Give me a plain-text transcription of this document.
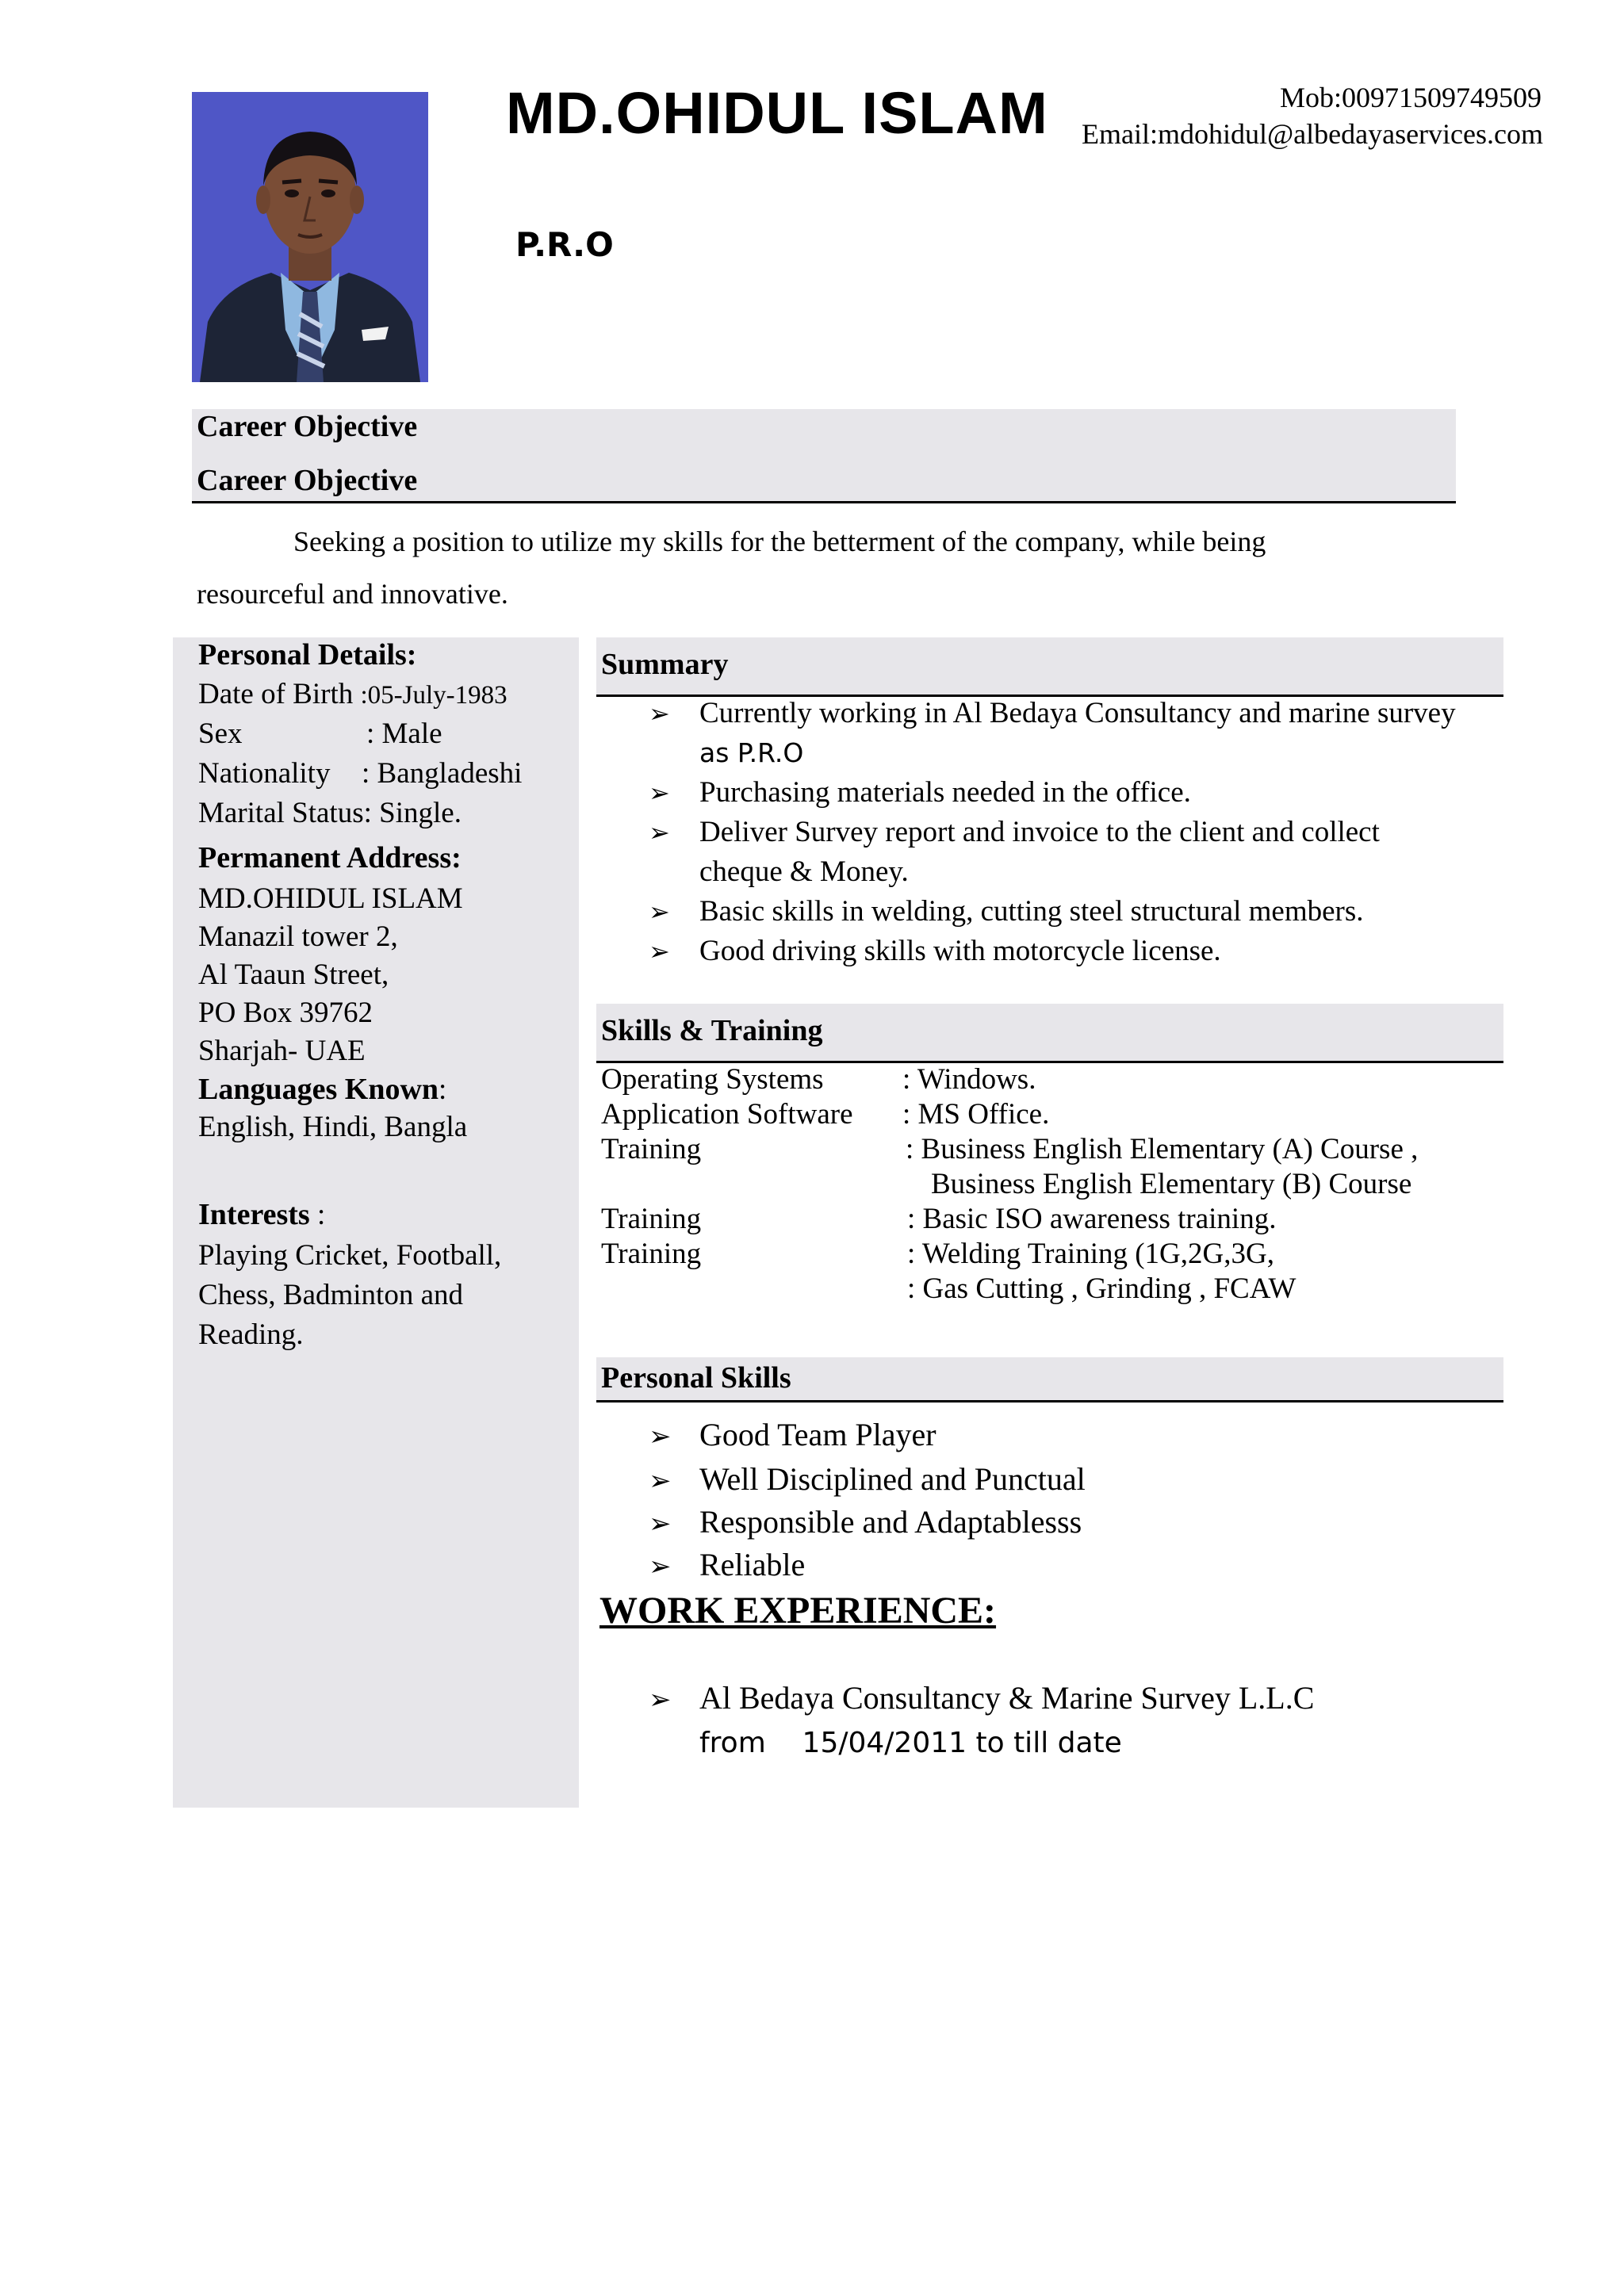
MD.OHIDUL ISLAM
P.R.O
Mob:00971509749509
Email:mdohidul@albedayaservices.com
Career Objective
Career Objective
Seeking a position to utilize my skills for the betterment of the company, while being
resourceful and innovative.
Personal Details:
Date of Birth :05-July-1983
Sex	: Male
Nationality : Bangladeshi
Marital Status: Single.
Permanent Address:
MD.OHIDUL ISLAM
Manazil tower 2,
Al Taaun Street,
PO Box 39762
Sharjah- UAE
Languages Known:
English, Hindi, Bangla
Interests :
Playing Cricket, Football,
Chess, Badminton and
Reading.
Summary
➢ Currently working in Al Bedaya Consultancy and marine survey
as P.R.O
➢ Purchasing materials needed in the office.
➢ Deliver Survey report and invoice to the client and collect
cheque & Money.
➢ Basic skills in welding, cutting steel structural members.
➢ Good driving skills with motorcycle license.
Skills & Training
Operating Systems	: Windows.
Application Software : MS Office.
Training	: Business English Elementary (A) Course ,
Business English Elementary (B) Course
Training	: Basic ISO awareness training.
Training	: Welding Training (1G,2G,3G,
: Gas Cutting , Grinding , FCAW
Personal Skills
➢ Good Team Player
➢ Well Disciplined and Punctual
➢ Responsible and Adaptablesss
➢ Reliable
WORK EXPERIENCE:
➢ Al Bedaya Consultancy & Marine Survey L.L.C
from    15/04/2011 to till date
